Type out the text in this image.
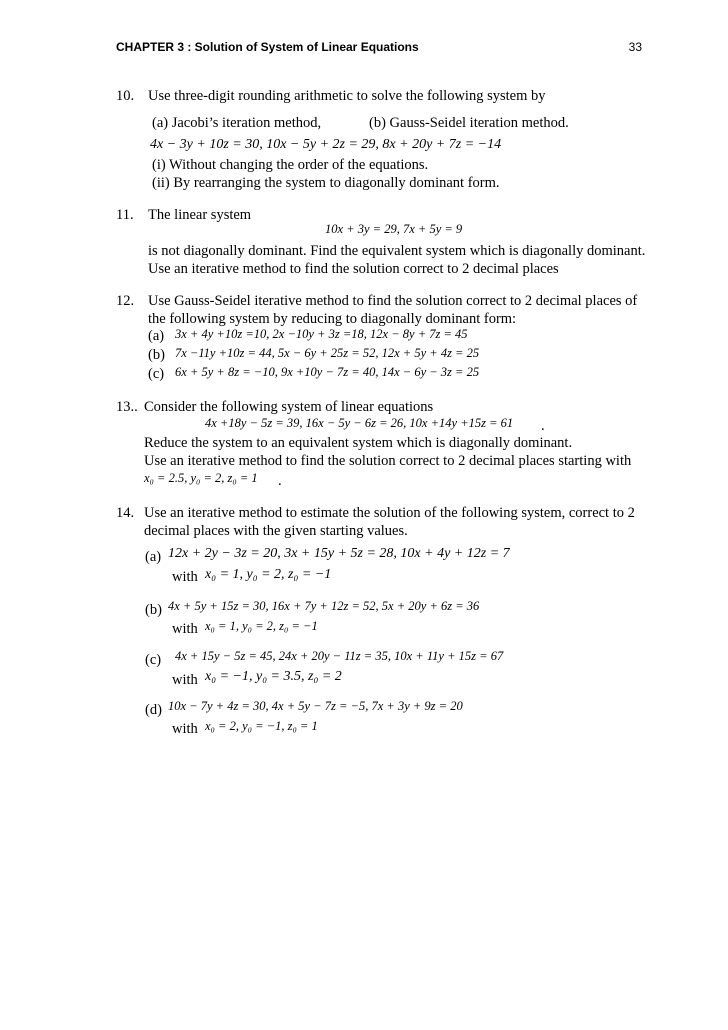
CHAPTER 3 : Solution of System of Linear Equations	33
10. Use three-digit rounding arithmetic to solve the following system by
(a) Jacobi’s iteration method,	(b) Gauss-Seidel iteration method.
4x − 3y + 10z = 30, 10x − 5y + 2z = 29, 8x + 20y + 7z = −14
(i) Without changing the order of the equations.
(ii) By rearranging the system to diagonally dominant form.
11. The linear system
10x + 3y = 29, 7x + 5y = 9
is not diagonally dominant. Find the equivalent system which is diagonally dominant.
Use an iterative method to find the solution correct to 2 decimal places
12. Use Gauss-Seidel iterative method to find the solution correct to 2 decimal places of
the following system by reducing to diagonally dominant form:
(a) 3x + 4y +10z =10, 2x −10y + 3z =18, 12x − 8y + 7z = 45
(b) 7x −11y +10z = 44, 5x − 6y + 25z = 52, 12x + 5y + 4z = 25
(c) 6x + 5y + 8z = −10, 9x +10y − 7z = 40, 14x − 6y − 3z = 25
13.. Consider the following system of linear equations
4x +18y − 5z = 39, 16x − 5y − 6z = 26, 10x +14y +15z = 61 .
Reduce the system to an equivalent system which is diagonally dominant.
Use an iterative method to find the solution correct to 2 decimal places starting with
x₀ = 2.5, y₀ = 2, z₀ = 1 .
14. Use an iterative method to estimate the solution of the following system, correct to 2
decimal places with the given starting values.
(a) 12x + 2y − 3z = 20, 3x + 15y + 5z = 28, 10x + 4y + 12z = 7
with x₀ = 1, y₀ = 2, z₀ = −1
(b) 4x + 5y + 15z = 30, 16x + 7y + 12z = 52, 5x + 20y + 6z = 36
with x₀ = 1, y₀ = 2, z₀ = −1
(c) 4x + 15y − 5z = 45, 24x + 20y − 11z = 35, 10x + 11y + 15z = 67
with x₀ = −1, y₀ = 3.5, z₀ = 2
(d) 10x − 7y + 4z = 30, 4x + 5y − 7z = −5, 7x + 3y + 9z = 20
with x₀ = 2, y₀ = −1, z₀ = 1
